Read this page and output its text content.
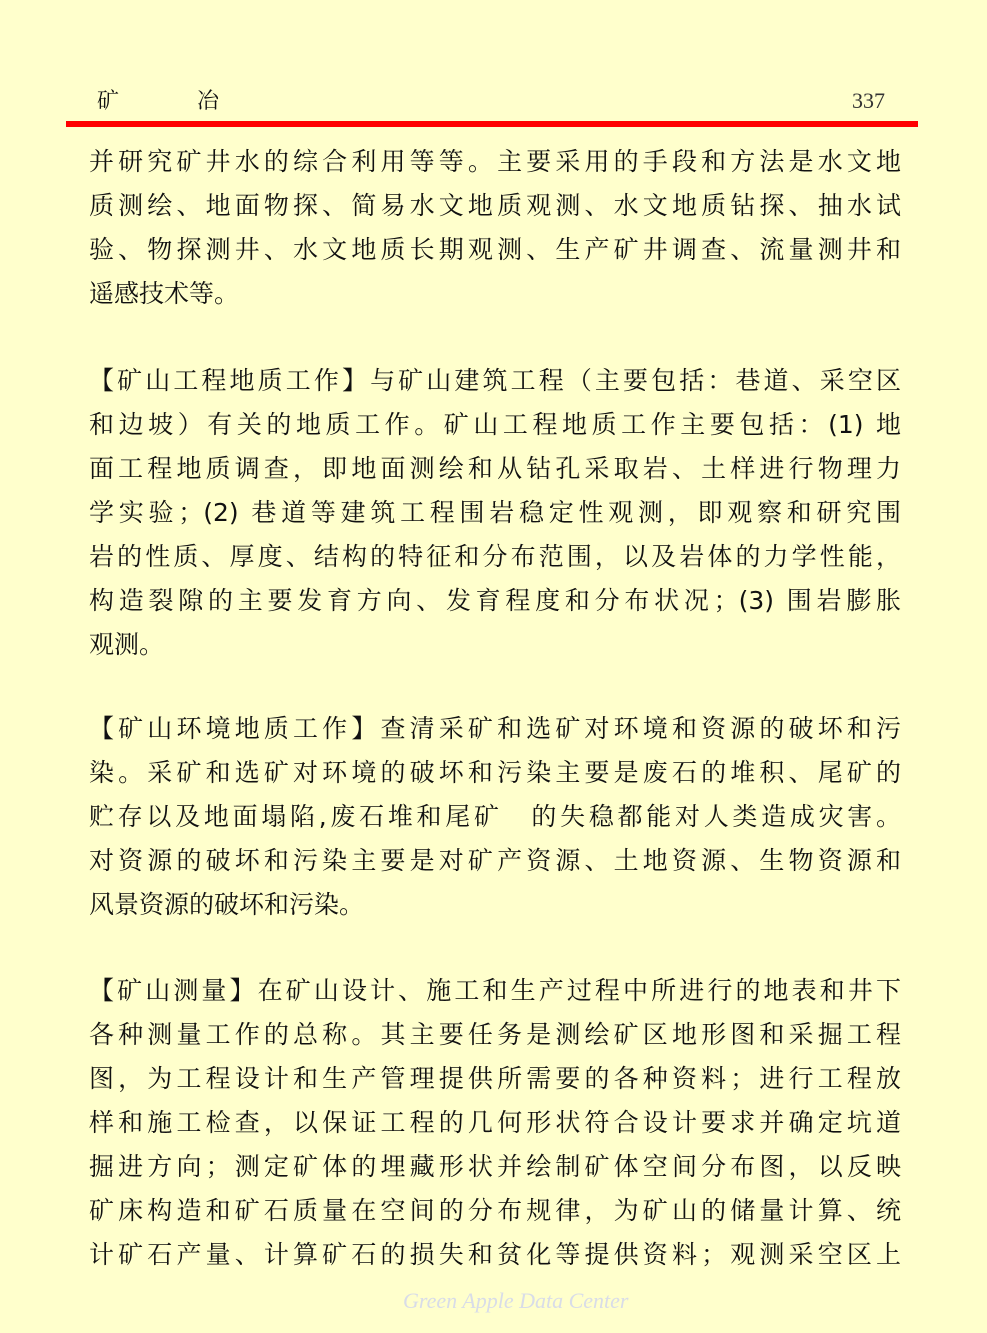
矿	冶	337
并研究矿井水的综合利用等等。主要采用的手段和方法是水文地
质测绘、地面物探、简易水文地质观测、水文地质钻探、抽水试
验、物探测井、水文地质长期观测、生产矿井调查、流量测井和
遥感技术等。
【矿山工程地质工作】与矿山建筑工程（主要包括：巷道、采空区
和边坡）有关的地质工作。矿山工程地质工作主要包括：(1) 地
面工程地质调查，即地面测绘和从钻孔采取岩、土样进行物理力
学实验；(2) 巷道等建筑工程围岩稳定性观测，即观察和研究围
岩的性质、厚度、结构的特征和分布范围，以及岩体的力学性能，
构造裂隙的主要发育方向、发育程度和分布状况；(3) 围岩膨胀
观测。
【矿山环境地质工作】查清采矿和选矿对环境和资源的破坏和污
染。采矿和选矿对环境的破坏和污染主要是废石的堆积、尾矿的
贮存以及地面塌陷,废石堆和尾矿　的失稳都能对人类造成灾害。
对资源的破坏和污染主要是对矿产资源、土地资源、生物资源和
风景资源的破坏和污染。
【矿山测量】在矿山设计、施工和生产过程中所进行的地表和井下
各种测量工作的总称。其主要任务是测绘矿区地形图和采掘工程
图，为工程设计和生产管理提供所需要的各种资料；进行工程放
样和施工检查，以保证工程的几何形状符合设计要求并确定坑道
掘进方向；测定矿体的埋藏形状并绘制矿体空间分布图，以反映
矿床构造和矿石质量在空间的分布规律，为矿山的储量计算、统
计矿石产量、计算矿石的损失和贫化等提供资料；观测采空区上
Green Apple Data Center
